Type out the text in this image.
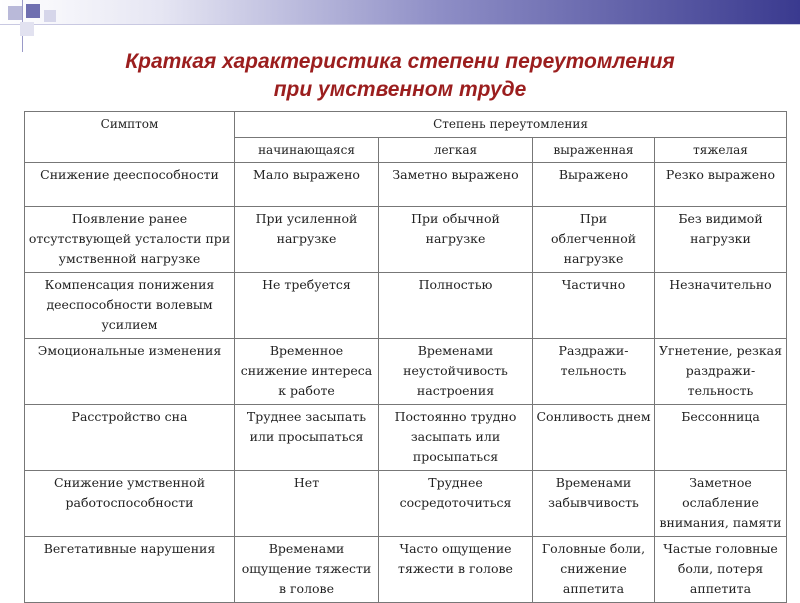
Краткая характеристика степени переутомления
при умственном труде
Симптом	Степень переутомления			
	начинающаяся	легкая	выраженная	тяжелая
Снижение дееспособности	Мало выражено	Заметно выражено	Выражено	Резко выражено
Появление ранее отсутствующей усталости при умственной нагрузке	При усиленной нагрузке	При обычной нагрузке	При облегченной нагрузке	Без видимой нагрузки
Компенсация понижения дееспособности волевым усилием	Не требуется	Полностью	Частично	Незначительно
Эмоциональные изменения	Временное снижение интереса к работе	Временами неустойчивость настроения	Раздражи-тельность	Угнетение, резкая раздражи-тельность
Расстройство сна	Труднее засыпать или просыпаться	Постоянно трудно засыпать или просыпаться	Сонливость днем	Бессонница
Снижение умственной работоспособности	Нет	Труднее сосредоточиться	Временами забывчивость	Заметное ослабление внимания, памяти
Вегетативные нарушения	Временами ощущение тяжести в голове	Часто ощущение тяжести в голове	Головные боли, снижение аппетита	Частые головные боли, потеря аппетита
